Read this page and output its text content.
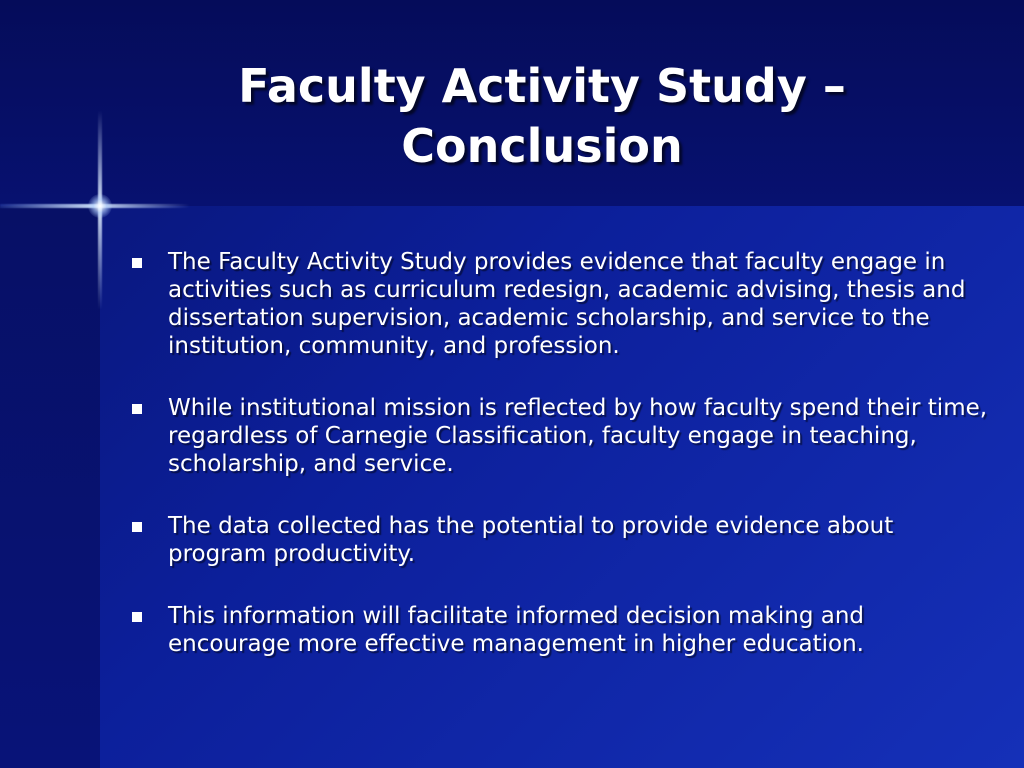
Faculty Activity Study – Conclusion
The Faculty Activity Study provides evidence that faculty engage in activities such as curriculum redesign, academic advising, thesis and dissertation supervision, academic scholarship, and service to the institution, community, and profession.
While institutional mission is reflected by how faculty spend their time, regardless of Carnegie Classification, faculty engage in teaching, scholarship, and service.
The data collected has the potential to provide evidence about program productivity.
This information will facilitate informed decision making and encourage more effective management in higher education.
